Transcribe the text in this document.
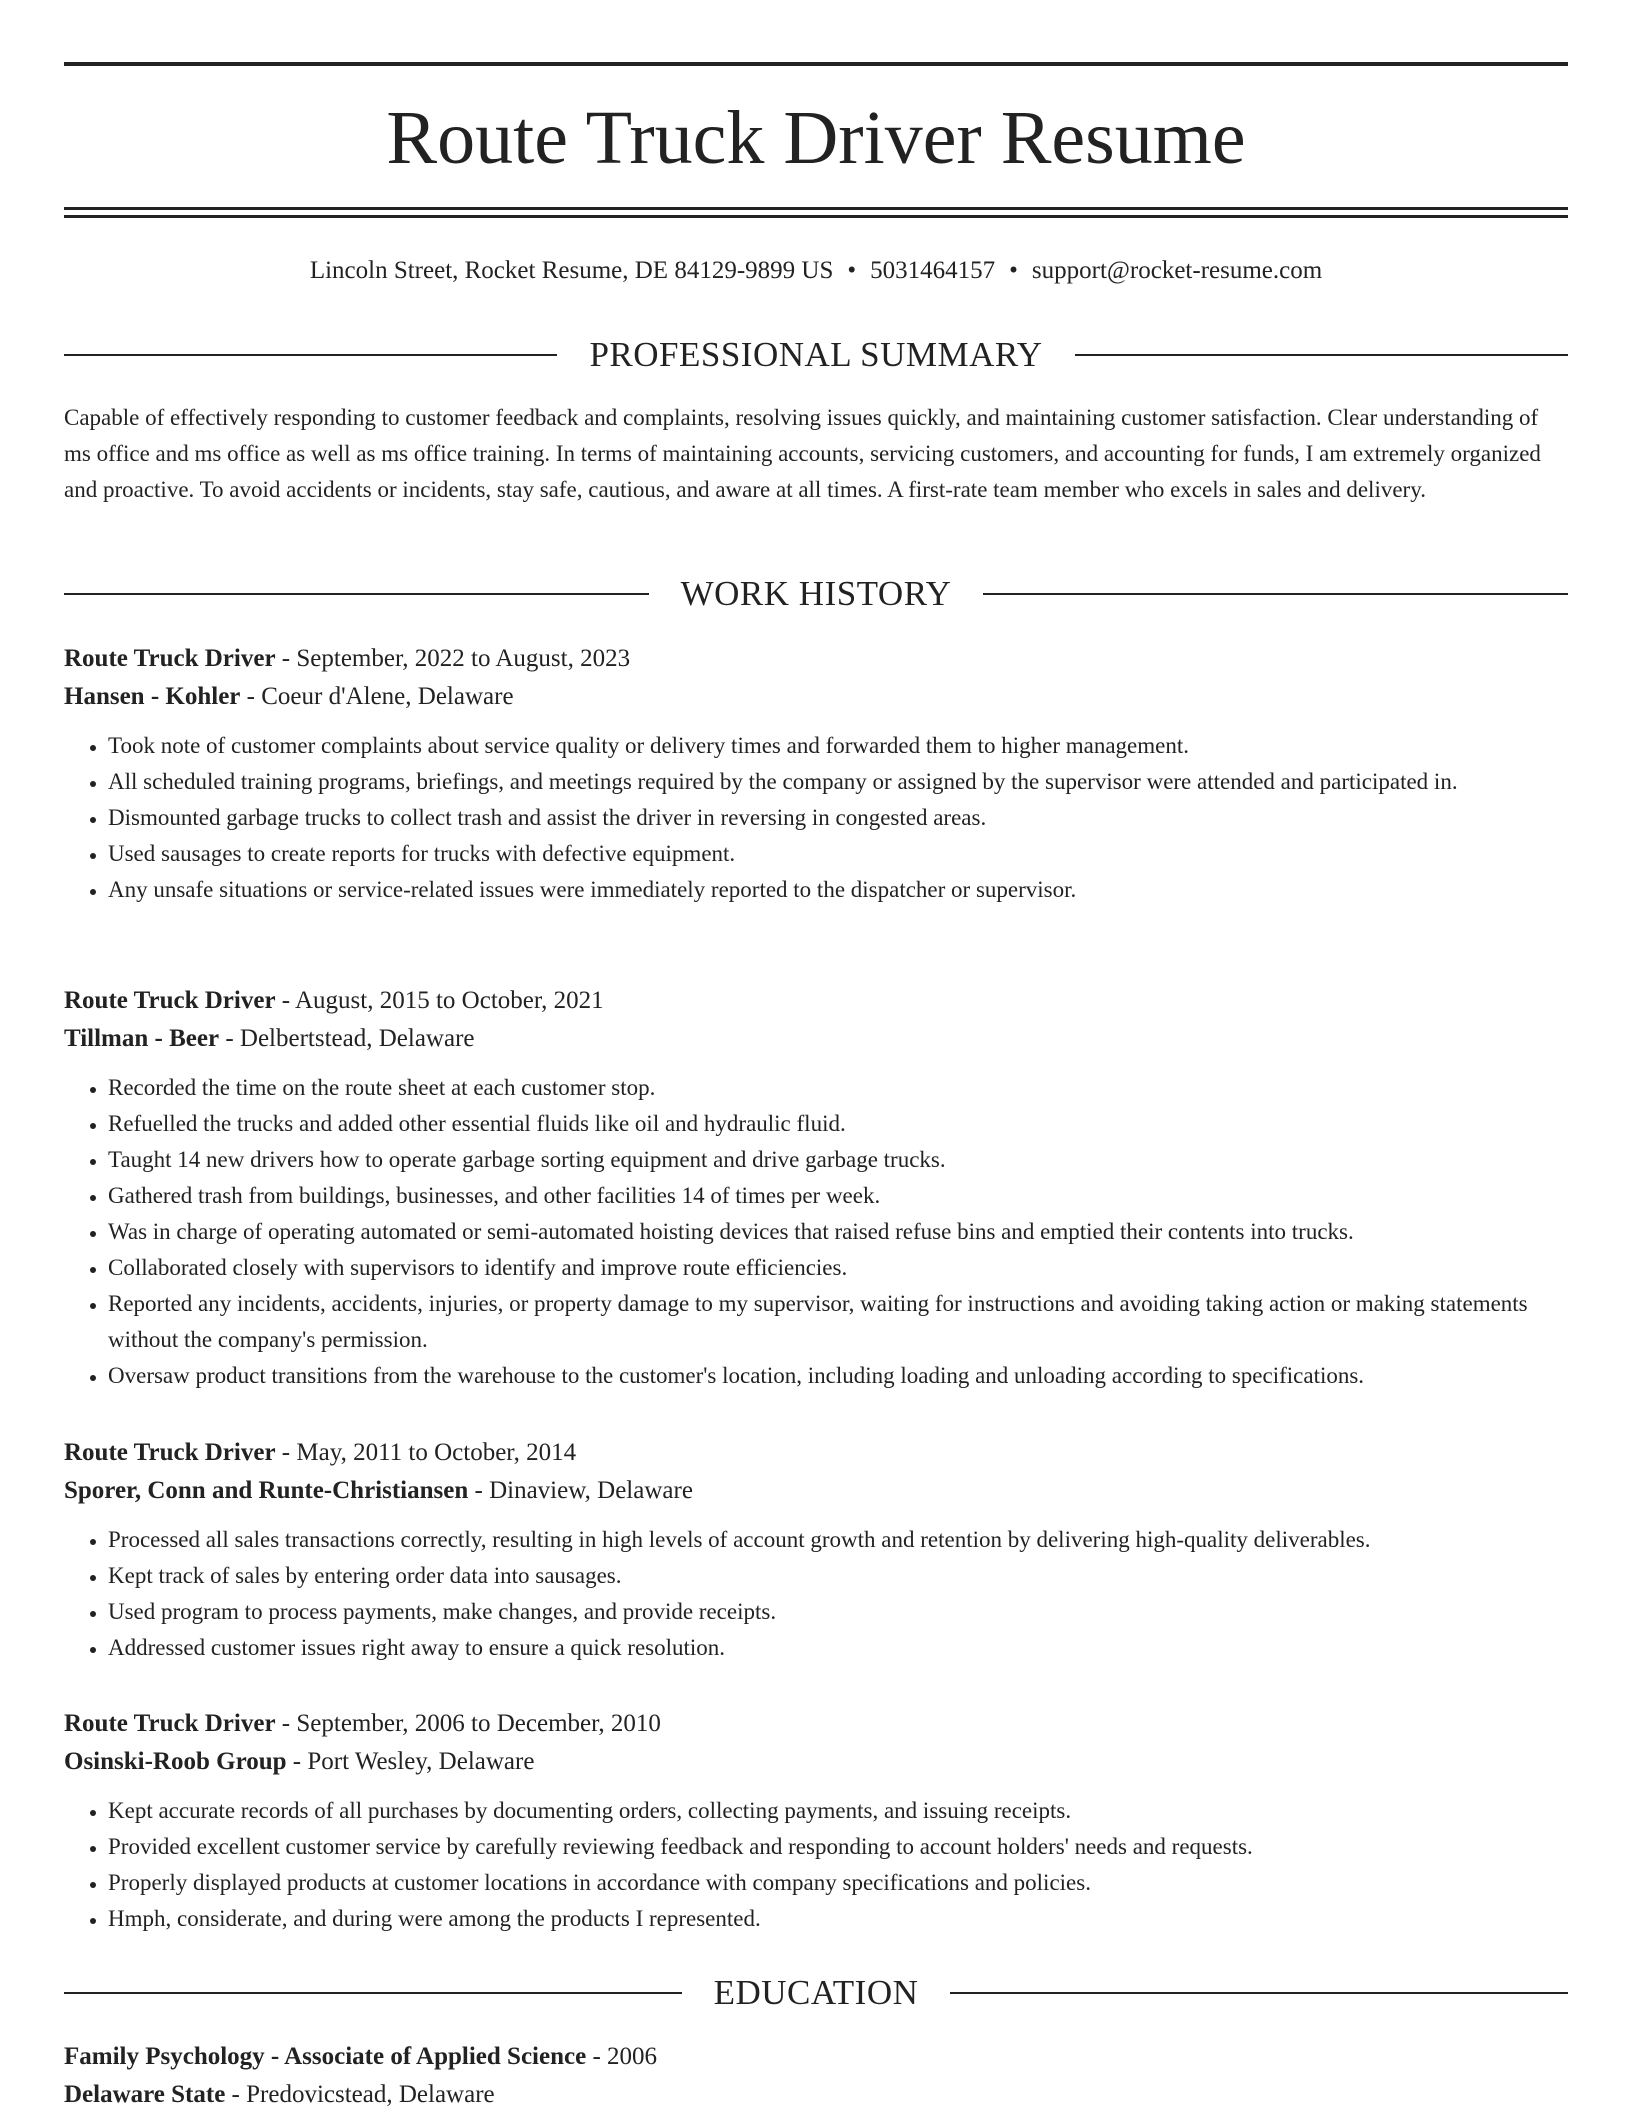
Route Truck Driver Resume
Lincoln Street, Rocket Resume, DE 84129-9899 US • 5031464157 • support@rocket-resume.com
PROFESSIONAL SUMMARY
Capable of effectively responding to customer feedback and complaints, resolving issues quickly, and maintaining customer satisfaction. Clear understanding of ms office and ms office as well as ms office training. In terms of maintaining accounts, servicing customers, and accounting for funds, I am extremely organized and proactive. To avoid accidents or incidents, stay safe, cautious, and aware at all times. A first-rate team member who excels in sales and delivery.
WORK HISTORY
Route Truck Driver - September, 2022 to August, 2023
Hansen - Kohler - Coeur d'Alene, Delaware
• Took note of customer complaints about service quality or delivery times and forwarded them to higher management.
• All scheduled training programs, briefings, and meetings required by the company or assigned by the supervisor were attended and participated in.
• Dismounted garbage trucks to collect trash and assist the driver in reversing in congested areas.
• Used sausages to create reports for trucks with defective equipment.
• Any unsafe situations or service-related issues were immediately reported to the dispatcher or supervisor.
Route Truck Driver - August, 2015 to October, 2021
Tillman - Beer - Delbertstead, Delaware
• Recorded the time on the route sheet at each customer stop.
• Refuelled the trucks and added other essential fluids like oil and hydraulic fluid.
• Taught 14 new drivers how to operate garbage sorting equipment and drive garbage trucks.
• Gathered trash from buildings, businesses, and other facilities 14 of times per week.
• Was in charge of operating automated or semi-automated hoisting devices that raised refuse bins and emptied their contents into trucks.
• Collaborated closely with supervisors to identify and improve route efficiencies.
• Reported any incidents, accidents, injuries, or property damage to my supervisor, waiting for instructions and avoiding taking action or making statements without the company's permission.
• Oversaw product transitions from the warehouse to the customer's location, including loading and unloading according to specifications.
Route Truck Driver - May, 2011 to October, 2014
Sporer, Conn and Runte-Christiansen - Dinaview, Delaware
• Processed all sales transactions correctly, resulting in high levels of account growth and retention by delivering high-quality deliverables.
• Kept track of sales by entering order data into sausages.
• Used program to process payments, make changes, and provide receipts.
• Addressed customer issues right away to ensure a quick resolution.
Route Truck Driver - September, 2006 to December, 2010
Osinski-Roob Group - Port Wesley, Delaware
• Kept accurate records of all purchases by documenting orders, collecting payments, and issuing receipts.
• Provided excellent customer service by carefully reviewing feedback and responding to account holders' needs and requests.
• Properly displayed products at customer locations in accordance with company specifications and policies.
• Hmph, considerate, and during were among the products I represented.
EDUCATION
Family Psychology - Associate of Applied Science - 2006
Delaware State - Predovicstead, Delaware
